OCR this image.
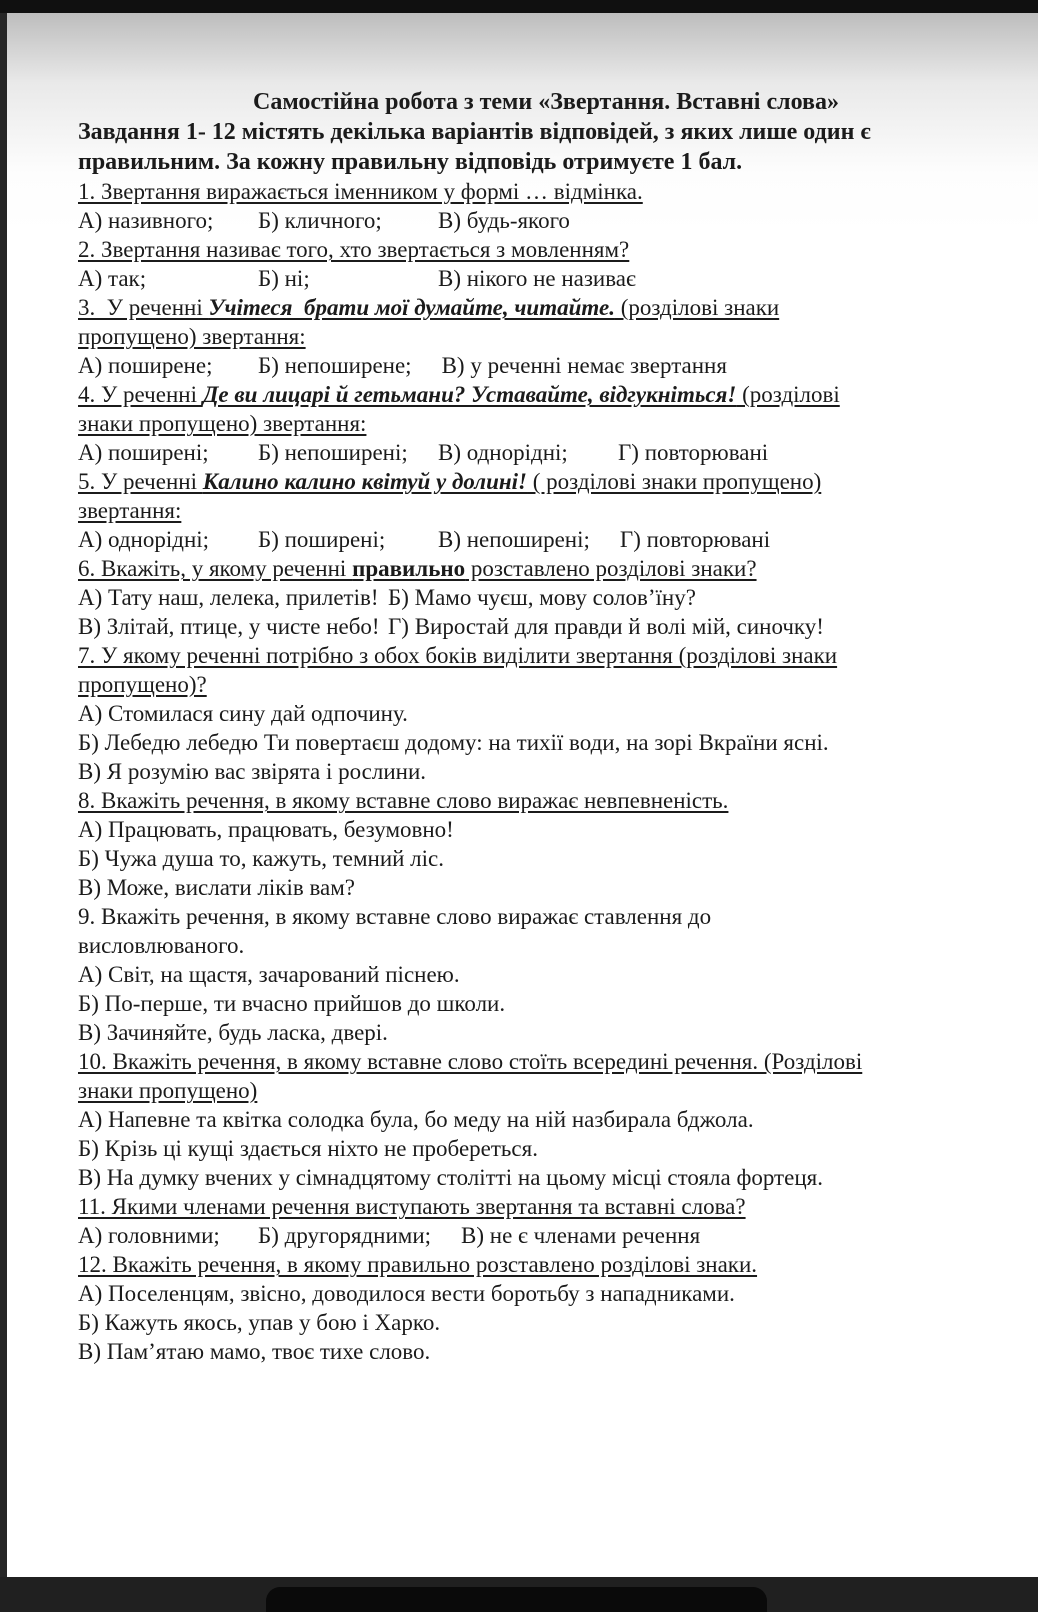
Самостійна робота з теми «Звертання. Вставні слова»
Завдання 1- 12 містять декілька варіантів відповідей, з яких лише один є
правильним. За кожну правильну відповідь отримуєте 1 бал.
1. Звертання виражається іменником у формі … відмінка.
А) називного;	Б) кличного;	В) будь-якого
2. Звертання називає того, хто звертається з мовленням?
А) так;	Б) ні;	В) нікого не називає
3.  У реченні Учітеся  брати мої думайте, читайте. (розділові знаки
пропущено) звертання:
А) поширене;	Б) непоширене; В) у реченні немає звертання
4. У реченні Де ви лицарі й гетьмани? Уставайте, відгукніться! (розділові
знаки пропущено) звертання:
А) поширені;	Б) непоширені; В) однорідні;	Г) повторювані
5. У реченні Калино калино квітуй у долині! ( розділові знаки пропущено)
звертання:
А) однорідні;	Б) поширені;	В) непоширені; Г) повторювані
6. Вкажіть, у якому реченні правильно розставлено розділові знаки?
А) Тату наш, лелека, прилетів! Б) Мамо чуєш, мову солов’їну?
В) Злітай, птице, у чисте небо! Г) Виростай для правди й волі мій, синочку!
7. У якому реченні потрібно з обох боків виділити звертання (розділові знаки
пропущено)?
А) Стомилася сину дай одпочину.
Б) Лебедю лебедю Ти повертаєш додому: на тихії води, на зорі Вкраїни ясні.
В) Я розумію вас звірята і рослини.
8. Вкажіть речення, в якому вставне слово виражає невпевненість.
А) Працювать, працювать, безумовно!
Б) Чужа душа то, кажуть, темний ліс.
В) Може, вислати ліків вам?
9. Вкажіть речення, в якому вставне слово виражає ставлення до
висловлюваного.
А) Світ, на щастя, зачарований піснею.
Б) По-перше, ти вчасно прийшов до школи.
В) Зачиняйте, будь ласка, двері.
10. Вкажіть речення, в якому вставне слово стоїть всередині речення. (Розділові
знаки пропущено)
А) Напевне та квітка солодка була, бо меду на ній назбирала бджола.
Б) Крізь ці кущі здається ніхто не пробереться.
В) На думку вчених у сімнадцятому столітті на цьому місці стояла фортеця.
11. Якими членами речення виступають звертання та вставні слова?
А) головними;	Б) другорядними; В) не є членами речення
12. Вкажіть речення, в якому правильно розставлено розділові знаки.
А) Поселенцям, звісно, доводилося вести боротьбу з нападниками.
Б) Кажуть якось, упав у бою і Харко.
В) Пам’ятаю мамо, твоє тихе слово.
